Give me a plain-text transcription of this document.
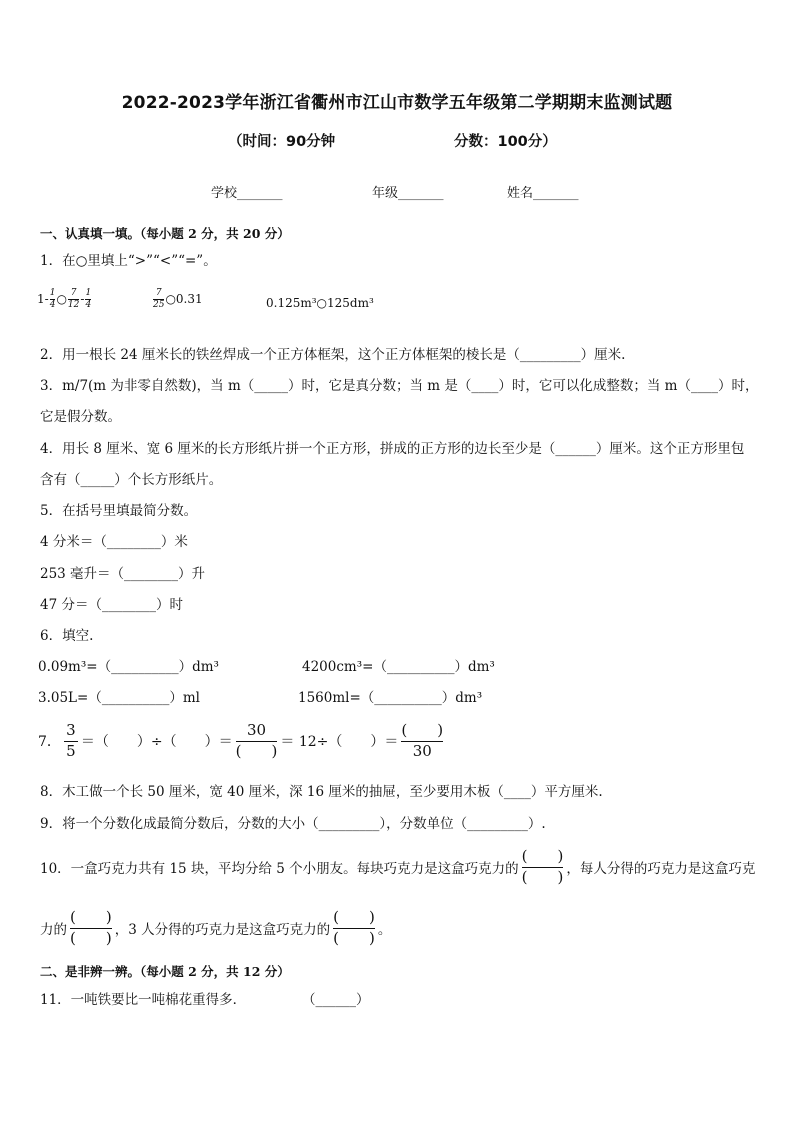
2022-2023学年浙江省衢州市江山市数学五年级第二学期期末监测试题
（时间：90分钟	分数：100分）
学校_______	年级_______	姓名_______
一、认真填一填。（每小题 2 分，共 20 分）
1．在○里填上“>”“<”“=”。
$1- \frac{1}{4}$ ○ $\frac{7}{12} - \frac{1}{4}$	$\frac{7}{25}$ ○0.31	0.125m³○125dm³
2．用一根长 24 厘米长的铁丝焊成一个正方体框架，这个正方体框架的棱长是（_________）厘米.
3．m/7(m 为非零自然数)，当 m（_____）时，它是真分数；当 m 是（____）时，它可以化成整数；当 m（____）时，
它是假分数。
4．用长 8 厘米、宽 6 厘米的长方形纸片拼一个正方形，拼成的正方形的边长至少是（______）厘米。这个正方形里包
含有（_____）个长方形纸片。
5．在括号里填最简分数。
4 分米＝（________）米
253 毫升＝（________）升
47 分＝（________）时
6．填空.
0.09m³=（__________）dm³	4200cm³=（__________）dm³
3.05L=（__________）ml	1560ml=（__________）dm³
7．
3
5 ＝（　　）÷（　　）＝
30
(　　) ＝ 12÷（　　）＝
(　　)
30
8．木工做一个长 50 厘米，宽 40 厘米，深 16 厘米的抽屉，至少要用木板（____）平方厘米.
9．将一个分数化成最简分数后，分数的大小（_________），分数单位（_________）.
10．一盒巧克力共有 15 块，平均分给 5 个小朋友。每块巧克力是这盒巧克力的
(　　)
(　　) ，每人分得的巧克力是这盒巧克
力的
(　　)
(　　) ，3 人分得的巧克力是这盒巧克力的
(　　)
(　　) 。
二、是非辨一辨。（每小题 2 分，共 12 分）
11．一吨铁要比一吨棉花重得多．	（______）
